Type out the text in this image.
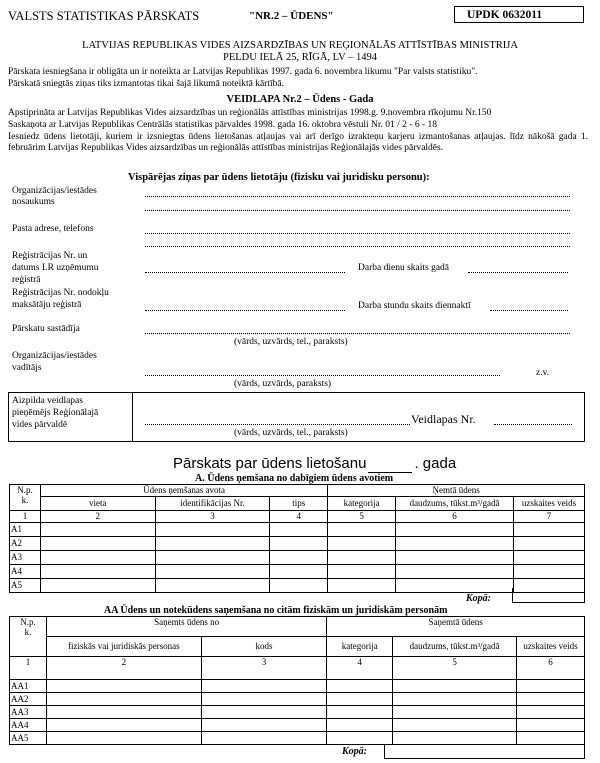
VALSTS STATISTIKAS PĀRSKATS	"NR.2 – ŪDENS"	UPDK 0632011
LATVIJAS REPUBLIKAS VIDES AIZSARDZĪBAS UN REĢIONĀLĀS ATTĪSTĪBAS MINISTRIJA
PELDU IELĀ 25, RĪGĀ, LV – 1494
Pārskata iesniegšana ir obligāta un ir noteikta ar Latvijas Republikas 1997. gada 6. novembra likumu "Par valsts statistiku".
Pārskatā sniegtās ziņas tiks izmantotas tikai šajā likumā noteiktā kārtībā.
VEIDLAPA Nr.2 – Ūdens - Gada
Apstiprināta ar Latvijas Republikas Vides aizsardzības un reģionālās attīstības ministrijas 1998.g. 9.novembra rīkojumu Nr.150
Saskaņota ar Latvijas Republikas Centrālās statistikas pārvaldes 1998. gada 16. oktobra vēstuli Nr. 01 / 2 - 6 - 18
Iesniedz ūdens lietotāji, kuriem ir izsniegtas ūdens lietošanas atļaujas vai arī derīgo izrakteņu karjeru izmantošanas atļaujas. līdz nākošā gada 1. februārim Latvijas Republikas Vides aizsardzības un reģionālās attīstības ministrijas Reģionālajās vides pārvaldēs.
Vispārējas ziņas par ūdens lietotāju (fizisku vai juridisku personu):
Organizācijas/iestādes
nosaukums
Pasta adrese, telefons
Reģistrācijas Nr. un
datums LR uzņēmumu
reģistrā
Darba dienu skaits gadā
Reģistrācijas Nr. nodokļu
maksātāju reģistrā	Darba stundu skaits diennaktī
Pārskatu sastādīja
(vārds, uzvārds, tel., paraksts)
Organizācijas/iestādes
vadītājs	z.v.
(vārds, uzvārds, paraksts)
Aizpilda veidlapas
pieņēmējs Reģionālajā
vides pārvaldē	Veidlapas Nr.
(vārds, uzvārds, tel., paraksts)
Pārskats par ūdens lietošanu	. gada
A. Ūdens ņemšana no dabīgiem ūdens avotiem
N.p.
k.	Ūdens ņemšanas avota			Ņemtā ūdens		
	vieta	identifikācijas Nr.	tips	kategorija	daudzums, tūkst.m³/gadā	uzskaites veids
1	2	3	4	5	6	7
A1						
A2						
A3						
A4						
A5						
Kopā:
AA Ūdens un notekūdens saņemšana no citām fiziskām un juridiskām personām
N.p.
k.	Saņemts ūdens no		Saņemtā ūdens		
	fiziskās vai juridiskās personas	kods	kategorija	daudzums, tūkst.m³/gadā	uzskaites veids
1	2	3	4	5	6
AA1					
AA2					
AA3					
AA4					
AA5					
Kopā:
